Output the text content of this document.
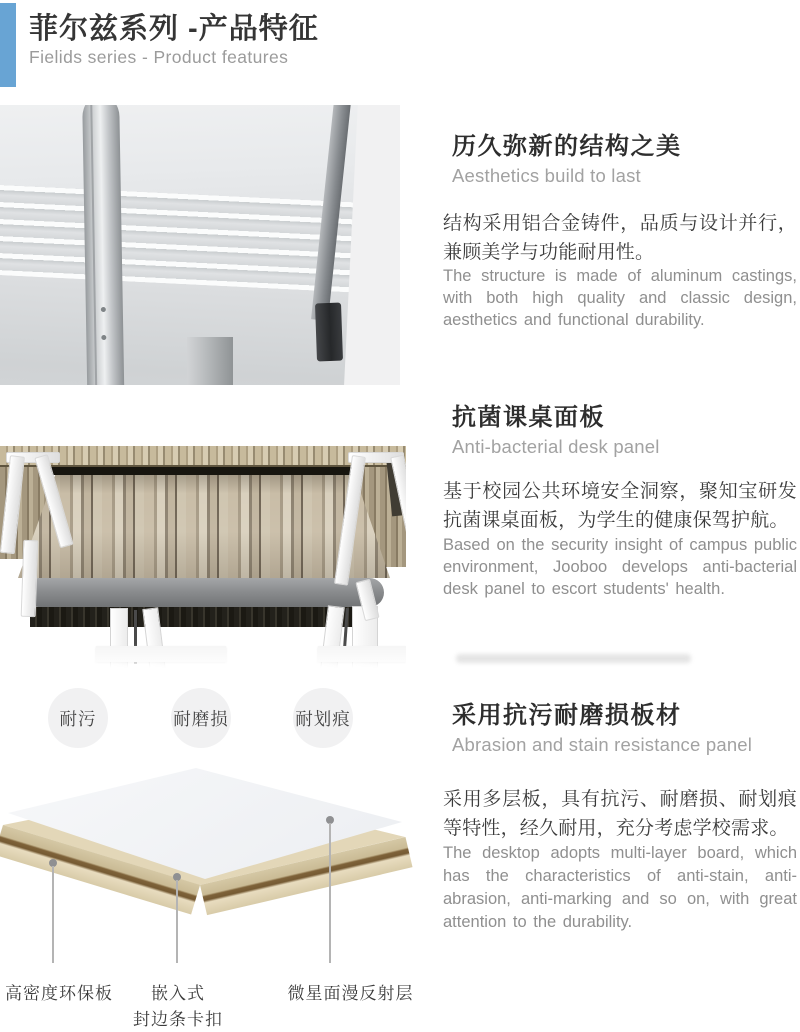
菲尔兹系列 -产品特征
Fielids series - Product features
历久弥新的结构之美
Aesthetics build to last
结构采用铝合金铸件，品质与设计并行，兼顾美学与功能耐用性。
The structure is made of aluminum castings, with both high quality and classic design, aesthetics and functional durability.
抗菌课桌面板
Anti-bacterial desk panel
基于校园公共环境安全洞察，聚知宝研发抗菌课桌面板，为学生的健康保驾护航。
Based on the security insight of campus public environment, Jooboo develops anti-bacterial desk panel to escort students' health.
采用抗污耐磨损板材
Abrasion and stain resistance panel
采用多层板，具有抗污、耐磨损、耐划痕等特性，经久耐用，充分考虑学校需求。
The desktop adopts multi-layer board, which has the characteristics of anti-stain, anti-abrasion, anti-marking and so on, with great attention to the durability.
耐污	耐磨损	耐划痕
高密度环保板	嵌入式
封边条卡扣
微星面漫反射层
